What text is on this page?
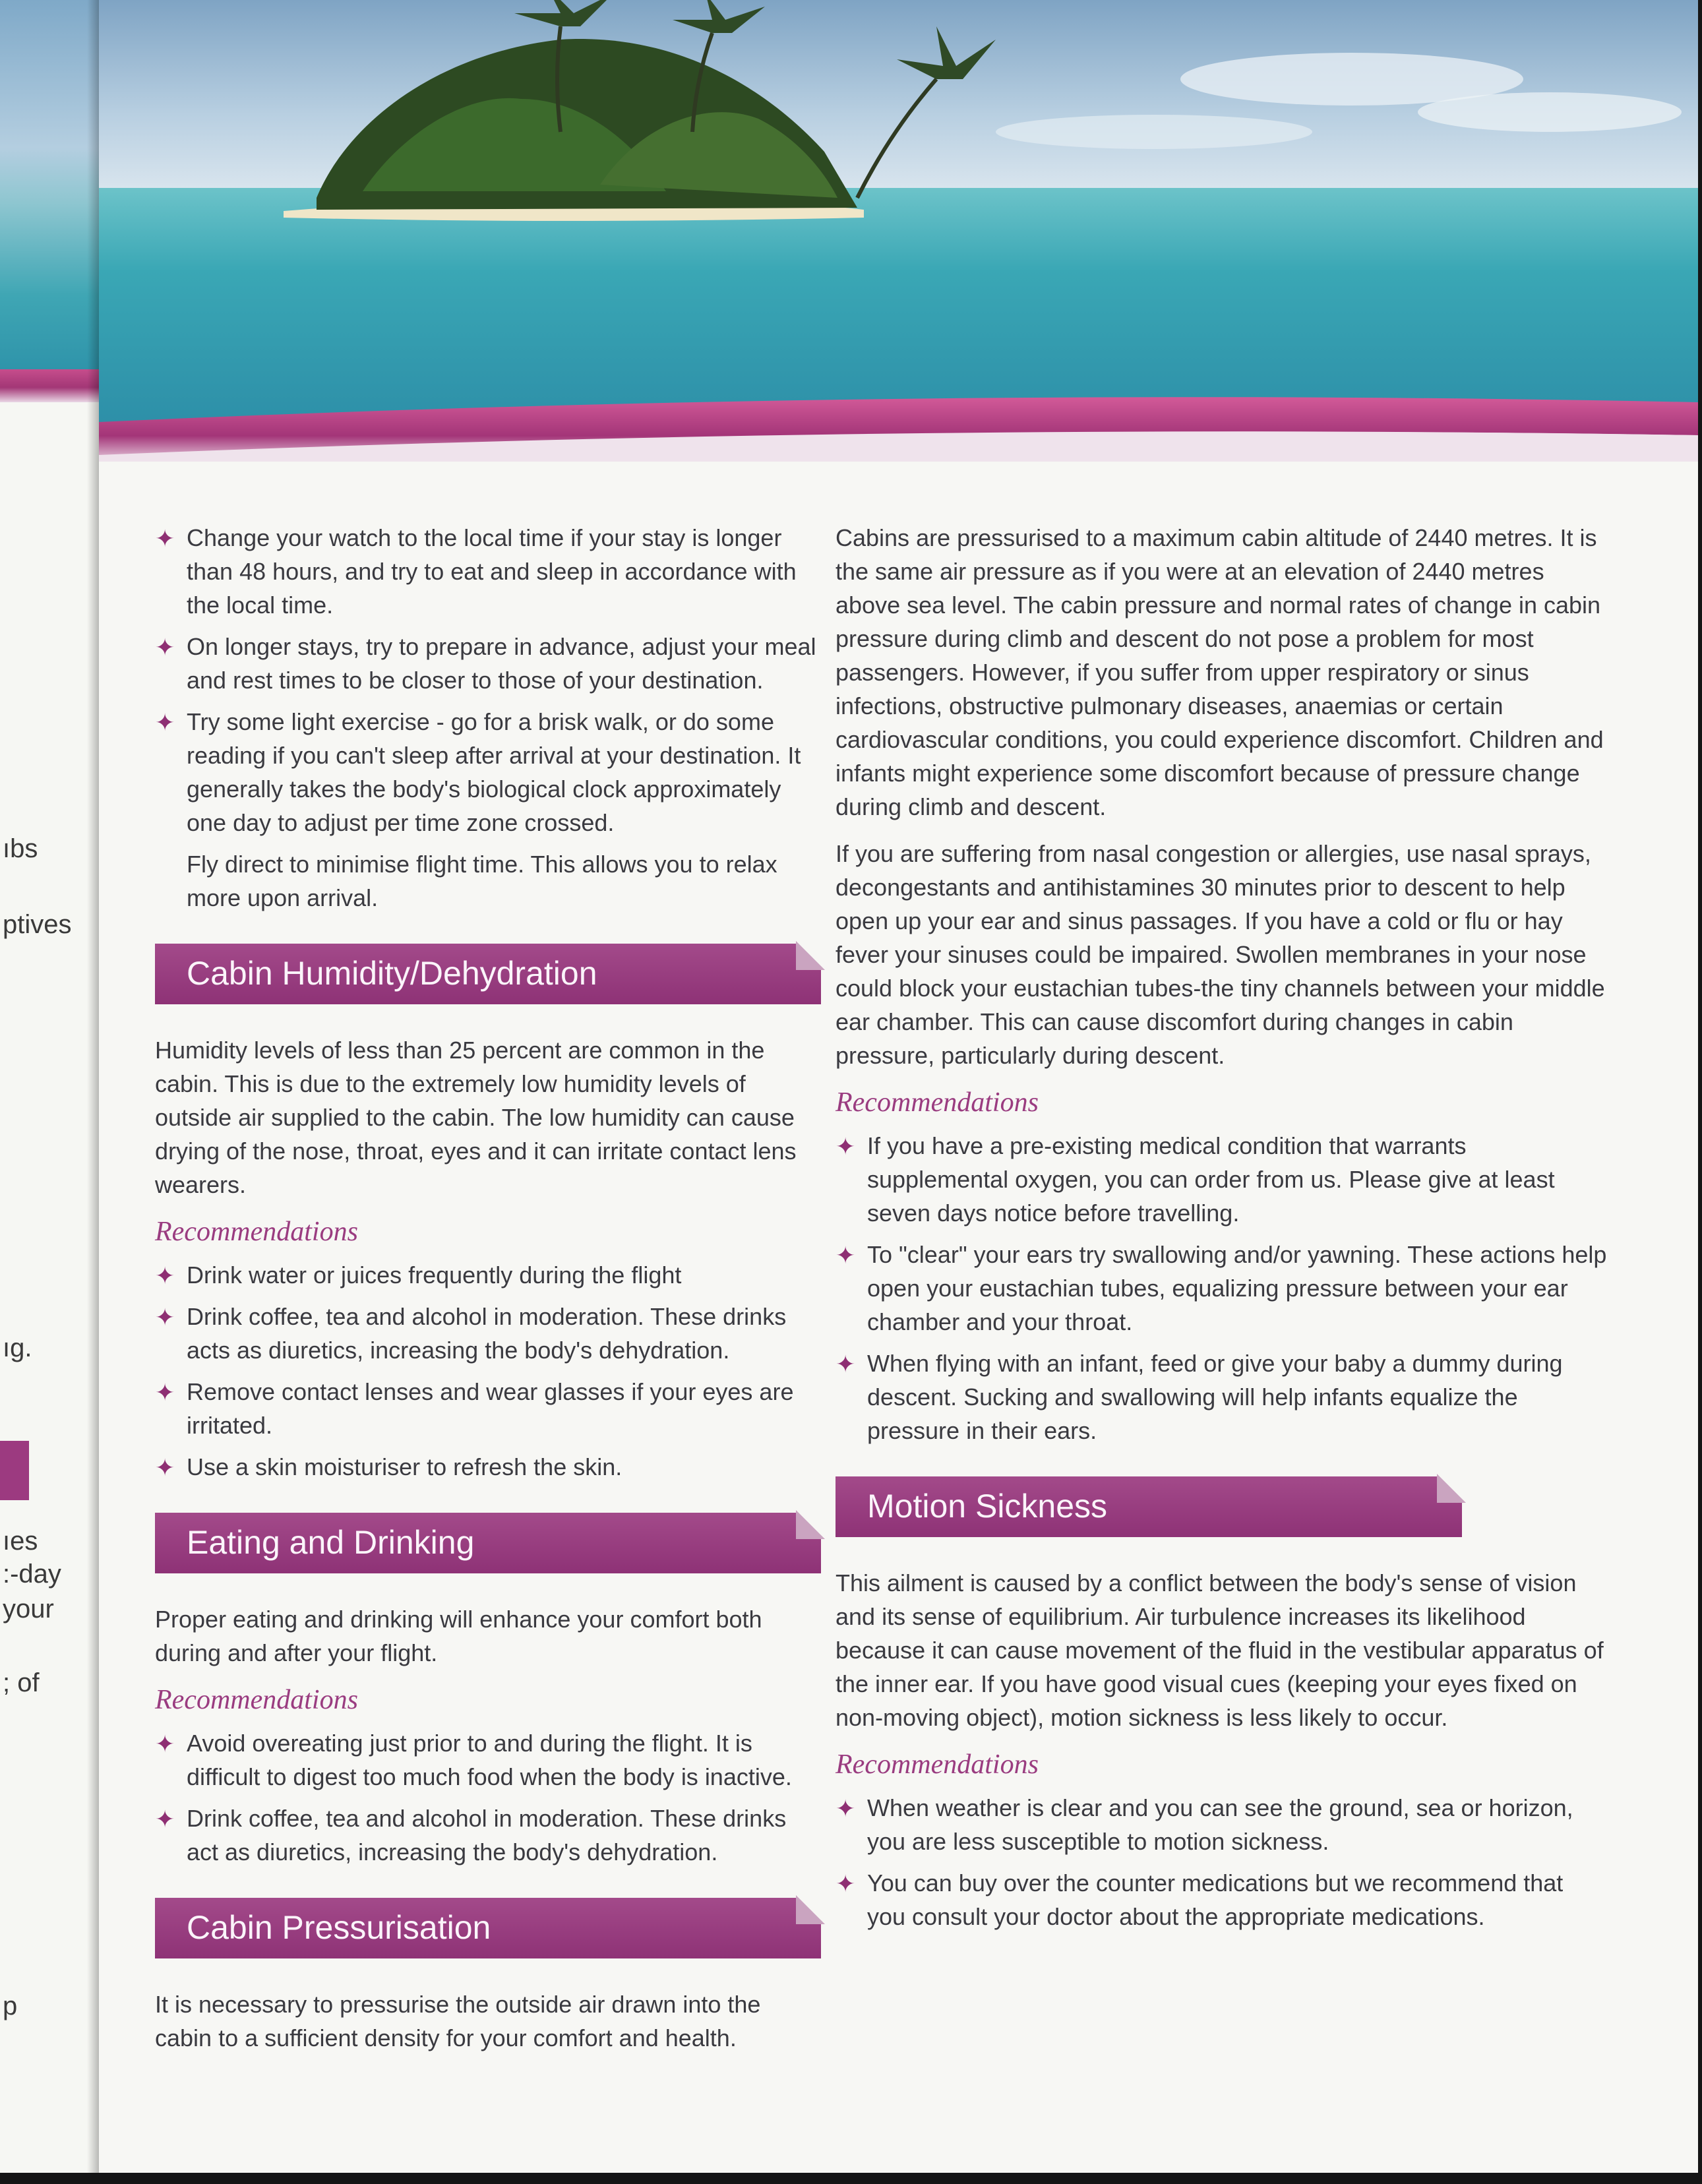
ıbs
ptives
ıg.
ıes
:-day
your
; of
p
✦ Change your watch to the local time if your stay is longer than 48 hours, and try to eat and sleep in accordance with the local time.
✦ On longer stays, try to prepare in advance, adjust your meal and rest times to be closer to those of your destination.
✦ Try some light exercise - go for a brisk walk, or do some reading if you can't sleep after arrival at your destination. It generally takes the body's biological clock approximately one day to adjust per time zone crossed.

Fly direct to minimise flight time. This allows you to relax more upon arrival.

Cabin Humidity/Dehydration

Humidity levels of less than 25 percent are common in the cabin. This is due to the extremely low humidity levels of outside air supplied to the cabin. The low humidity can cause drying of the nose, throat, eyes and it can irritate contact lens wearers.

Recommendations
✦ Drink water or juices frequently during the flight
✦ Drink coffee, tea and alcohol in moderation. These drinks acts as diuretics, increasing the body's dehydration.
✦ Remove contact lenses and wear glasses if your eyes are irritated.
✦ Use a skin moisturiser to refresh the skin.
Eating and Drinking

Proper eating and drinking will enhance your comfort both during and after your flight.

Recommendations
✦ Avoid overeating just prior to and during the flight. It is difficult to digest too much food when the body is inactive.
✦ Drink coffee, tea and alcohol in moderation. These drinks act as diuretics, increasing the body's dehydration.
Cabin Pressurisation

It is necessary to pressurise the outside air drawn into the cabin to a sufficient density for your comfort and health.

Cabins are pressurised to a maximum cabin altitude of 2440 metres. It is the same air pressure as if you were at an elevation of 2440 metres above sea level. The cabin pressure and normal rates of change in cabin pressure during climb and descent do not pose a problem for most passengers. However, if you suffer from upper respiratory or sinus infections, obstructive pulmonary diseases, anaemias or certain cardiovascular conditions, you could experience discomfort. Children and infants might experience some discomfort because of pressure change during climb and descent.

If you are suffering from nasal congestion or allergies, use nasal sprays, decongestants and antihistamines 30 minutes prior to descent to help open up your ear and sinus passages. If you have a cold or flu or hay fever your sinuses could be impaired. Swollen membranes in your nose could block your eustachian tubes-the tiny channels between your middle ear chamber. This can cause discomfort during changes in cabin pressure, particularly during descent.

Recommendations
✦ If you have a pre-existing medical condition that warrants supplemental oxygen, you can order from us. Please give at least seven days notice before travelling.
✦ To "clear" your ears try swallowing and/or yawning. These actions help open your eustachian tubes, equalizing pressure between your ear chamber and your throat.
✦ When flying with an infant, feed or give your baby a dummy during descent. Sucking and swallowing will help infants equalize the pressure in their ears.
Motion Sickness

This ailment is caused by a conflict between the body's sense of vision and its sense of equilibrium. Air turbulence increases its likelihood because it can cause movement of the fluid in the vestibular apparatus of the inner ear. If you have good visual cues (keeping your eyes fixed on non-moving object), motion sickness is less likely to occur.

Recommendations
✦ When weather is clear and you can see the ground, sea or horizon, you are less susceptible to motion sickness.
✦ You can buy over the counter medications but we recommend that you consult your doctor about the appropriate medications.
